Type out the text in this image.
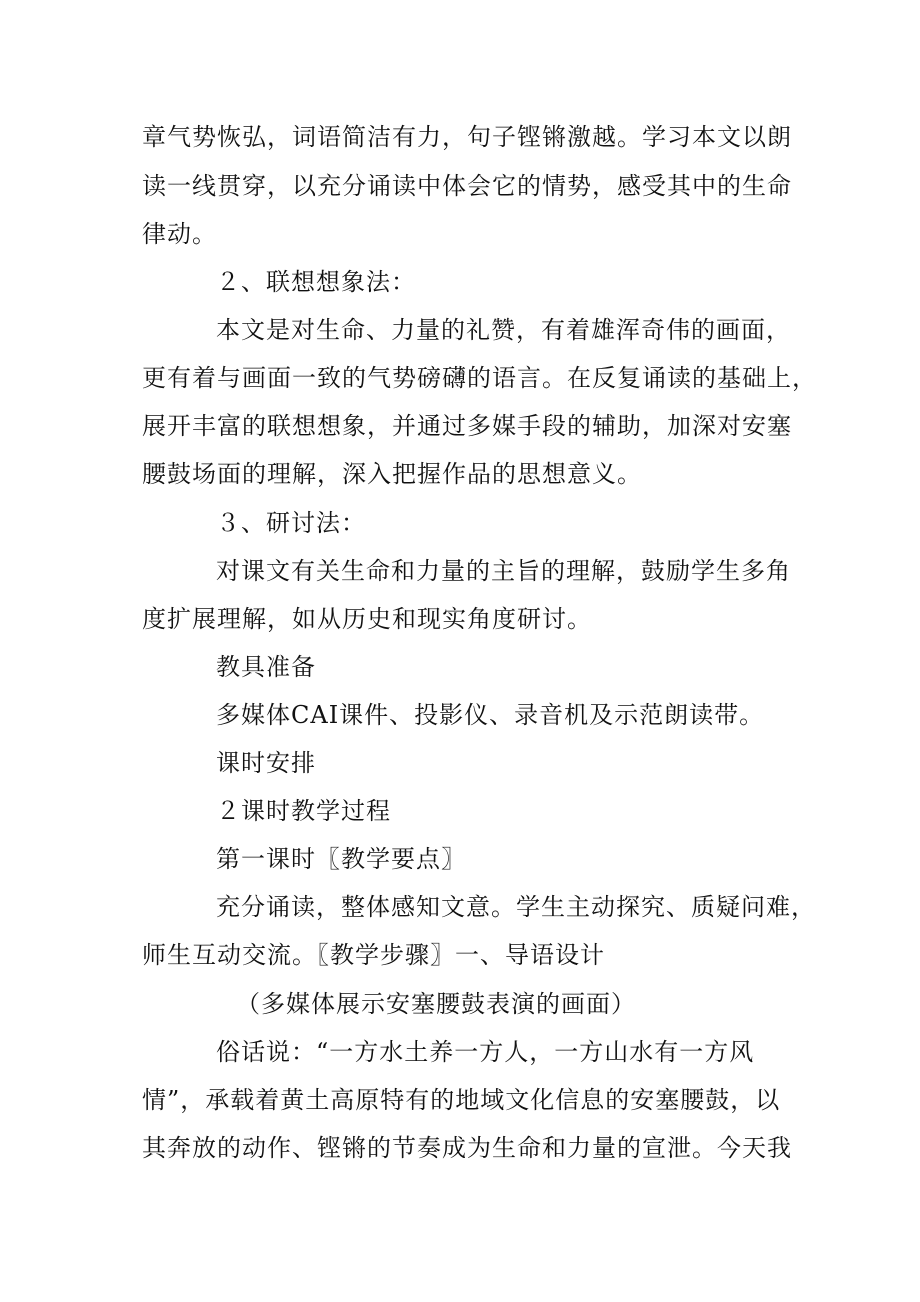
章气势恢弘，词语简洁有力，句子铿锵激越。学习本文以朗
读一线贯穿，以充分诵读中体会它的情势，感受其中的生命
律动。
２、联想想象法：
本文是对生命、力量的礼赞，有着雄浑奇伟的画面，
更有着与画面一致的气势磅礴的语言。在反复诵读的基础上，
展开丰富的联想想象，并通过多媒手段的辅助，加深对安塞
腰鼓场面的理解，深入把握作品的思想意义。
３、研讨法：
对课文有关生命和力量的主旨的理解，鼓励学生多角
度扩展理解，如从历史和现实角度研讨。
教具准备
多媒体CAI课件、投影仪、录音机及示范朗读带。
课时安排
２课时教学过程
第一课时〖教学要点〗
充分诵读，整体感知文意。学生主动探究、质疑问难，
师生互动交流。〖教学步骤〗一、导语设计
（多媒体展示安塞腰鼓表演的画面）
俗话说：“一方水土养一方人，一方山水有一方风
情”，承载着黄土高原特有的地域文化信息的安塞腰鼓，以
其奔放的动作、铿锵的节奏成为生命和力量的宣泄。今天我
